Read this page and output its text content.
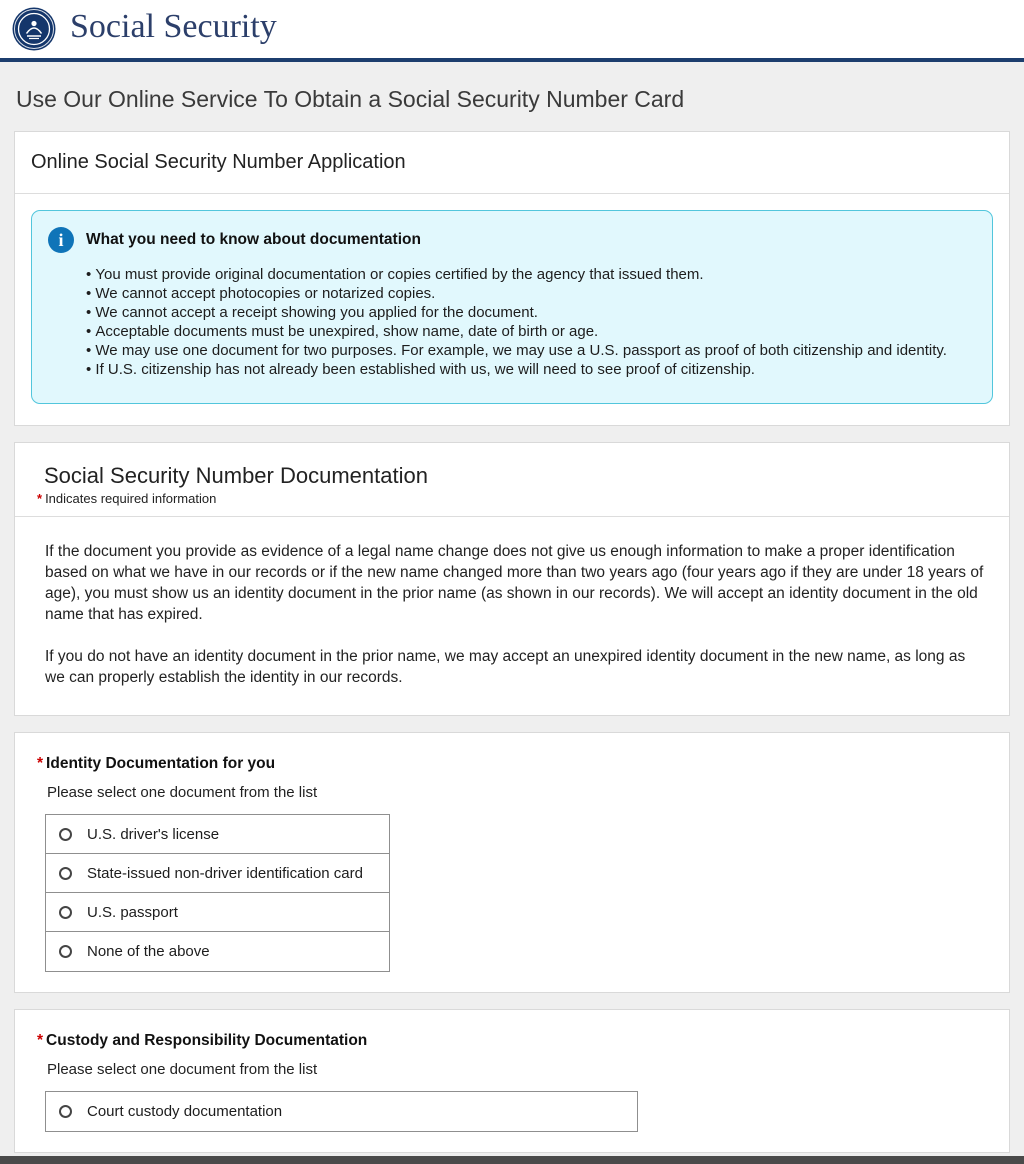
Social Security
Use Our Online Service To Obtain a Social Security Number Card
Online Social Security Number Application
i	What you need to know about documentation
• You must provide original documentation or copies certified by the agency that issued them.
• We cannot accept photocopies or notarized copies.
• We cannot accept a receipt showing you applied for the document.
• Acceptable documents must be unexpired, show name, date of birth or age.
• We may use one document for two purposes. For example, we may use a U.S. passport as proof of both citizenship and identity.
• If U.S. citizenship has not already been established with us, we will need to see proof of citizenship.
Social Security Number Documentation
* Indicates required information

If the document you provide as evidence of a legal name change does not give us enough information to make a proper identification based on what we have in our records or if the new name changed more than two years ago (four years ago if they are under 18 years of age), you must show us an identity document in the prior name (as shown in our records). We will accept an identity document in the old name that has expired.

If you do not have an identity document in the prior name, we may accept an unexpired identity document in the new name, as long as we can properly establish the identity in our records.

* Identity Documentation for you
Please select one document from the list
U.S. driver's license
State-issued non-driver identification card
U.S. passport
None of the above
* Custody and Responsibility Documentation
Please select one document from the list
Court custody documentation
